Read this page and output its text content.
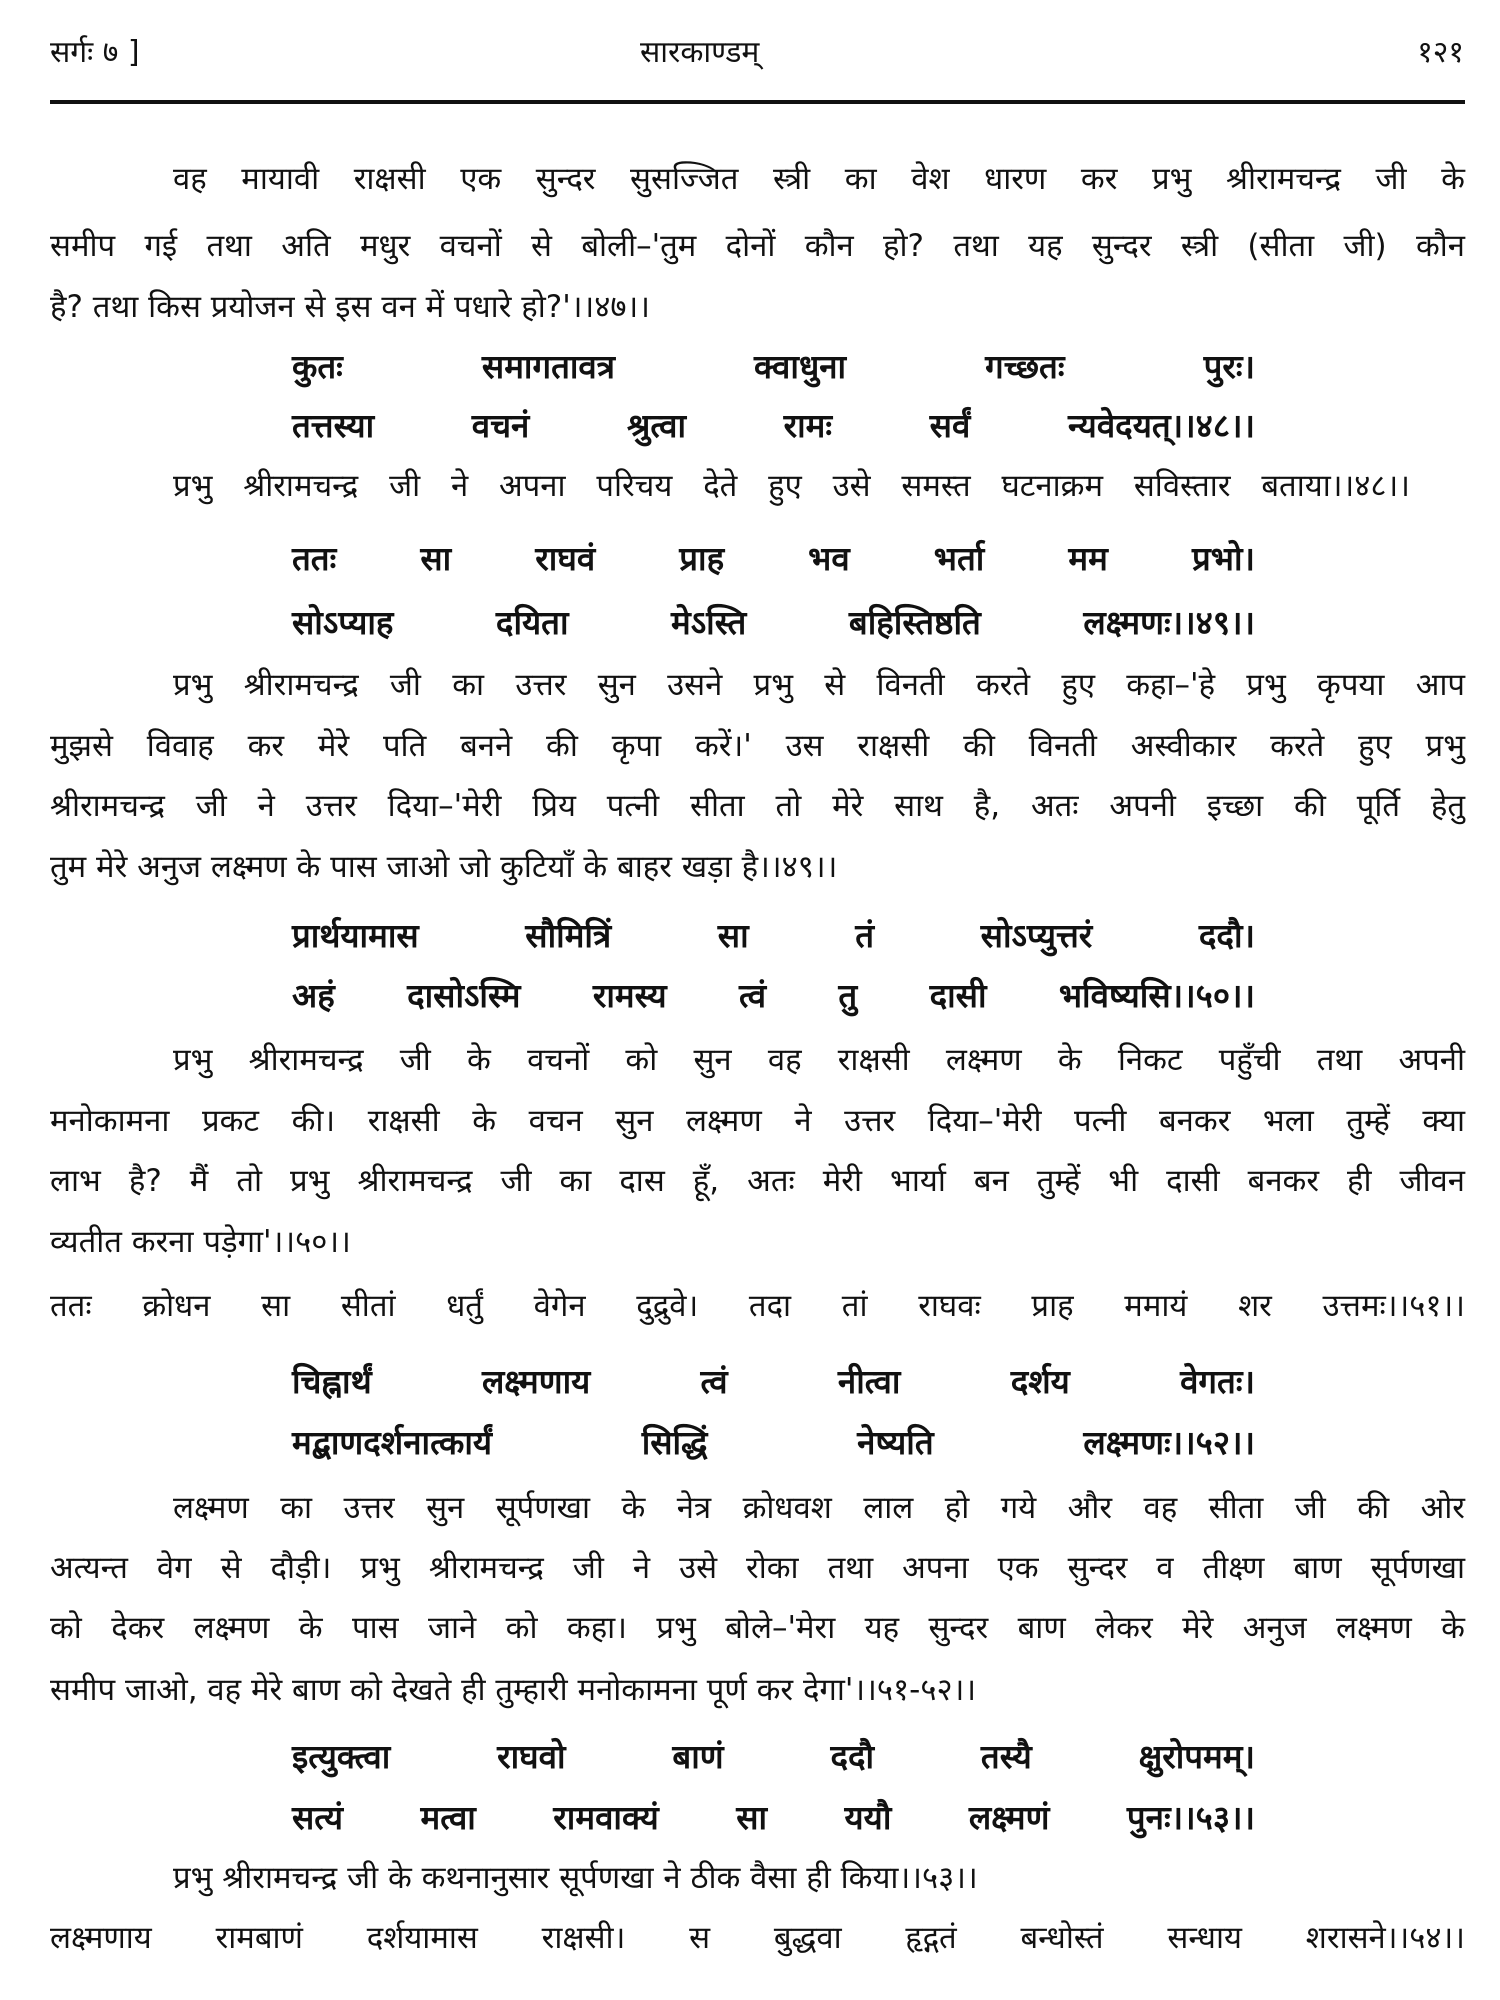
सर्गः ७ ]	सारकाण्डम्	१२१
वह मायावी राक्षसी एक सुन्दर सुसज्जित स्त्री का वेश धारण कर प्रभु श्रीरामचन्द्र जी के
समीप गई तथा अति मधुर वचनों से बोली–'तुम दोनों कौन हो? तथा यह सुन्दर स्त्री (सीता जी) कौन
है? तथा किस प्रयोजन से इस वन में पधारे हो?'।।४७।।
कुतः समागतावत्र क्वाधुना गच्छतः पुरः।
तत्तस्या वचनं श्रुत्वा रामः सर्वं न्यवेदयत्।।४८।।
प्रभु श्रीरामचन्द्र जी ने अपना परिचय देते हुए उसे समस्त घटनाक्रम सविस्तार बताया।।४८।।
ततः सा राघवं प्राह भव भर्ता मम प्रभो।
सोऽप्याह दयिता मेऽस्ति बहिस्तिष्ठति लक्ष्मणः।।४९।।
प्रभु श्रीरामचन्द्र जी का उत्तर सुन उसने प्रभु से विनती करते हुए कहा–'हे प्रभु कृपया आप
मुझसे विवाह कर मेरे पति बनने की कृपा करें।' उस राक्षसी की विनती अस्वीकार करते हुए प्रभु
श्रीरामचन्द्र जी ने उत्तर दिया–'मेरी प्रिय पत्नी सीता तो मेरे साथ है, अतः अपनी इच्छा की पूर्ति हेतु
तुम मेरे अनुज लक्ष्मण के पास जाओ जो कुटियाँ के बाहर खड़ा है।।४९।।
प्रार्थयामास सौमित्रिं सा तं सोऽप्युत्तरं ददौ।
अहं दासोऽस्मि रामस्य त्वं तु दासी भविष्यसि।।५०।।
प्रभु श्रीरामचन्द्र जी के वचनों को सुन वह राक्षसी लक्ष्मण के निकट पहुँची तथा अपनी
मनोकामना प्रकट की। राक्षसी के वचन सुन लक्ष्मण ने उत्तर दिया–'मेरी पत्नी बनकर भला तुम्हें क्या
लाभ है? मैं तो प्रभु श्रीरामचन्द्र जी का दास हूँ, अतः मेरी भार्या बन तुम्हें भी दासी बनकर ही जीवन
व्यतीत करना पड़ेगा'।।५०।।
ततः क्रोधन सा सीतां धर्तुं वेगेन दुद्रुवे। तदा तां राघवः प्राह ममायं शर उत्तमः।।५१।।
चिह्नार्थं लक्ष्मणाय त्वं नीत्वा दर्शय वेगतः।
मद्बाणदर्शनात्कार्यं सिद्धिं नेष्यति लक्ष्मणः।।५२।।
लक्ष्मण का उत्तर सुन सूर्पणखा के नेत्र क्रोधवश लाल हो गये और वह सीता जी की ओर
अत्यन्त वेग से दौड़ी। प्रभु श्रीरामचन्द्र जी ने उसे रोका तथा अपना एक सुन्दर व तीक्ष्ण बाण सूर्पणखा
को देकर लक्ष्मण के पास जाने को कहा। प्रभु बोले–'मेरा यह सुन्दर बाण लेकर मेरे अनुज लक्ष्मण के
समीप जाओ, वह मेरे बाण को देखते ही तुम्हारी मनोकामना पूर्ण कर देगा'।।५१-५२।।
इत्युक्त्वा राघवो बाणं ददौ तस्यै क्षुरोपमम्।
सत्यं मत्वा रामवाक्यं सा ययौ लक्ष्मणं पुनः।।५३।।
प्रभु श्रीरामचन्द्र जी के कथनानुसार सूर्पणखा ने ठीक वैसा ही किया।।५३।।
लक्ष्मणाय रामबाणं दर्शयामास राक्षसी। स बुद्धवा हृद्गतं बन्धोस्तं सन्धाय शरासने।।५४।।
